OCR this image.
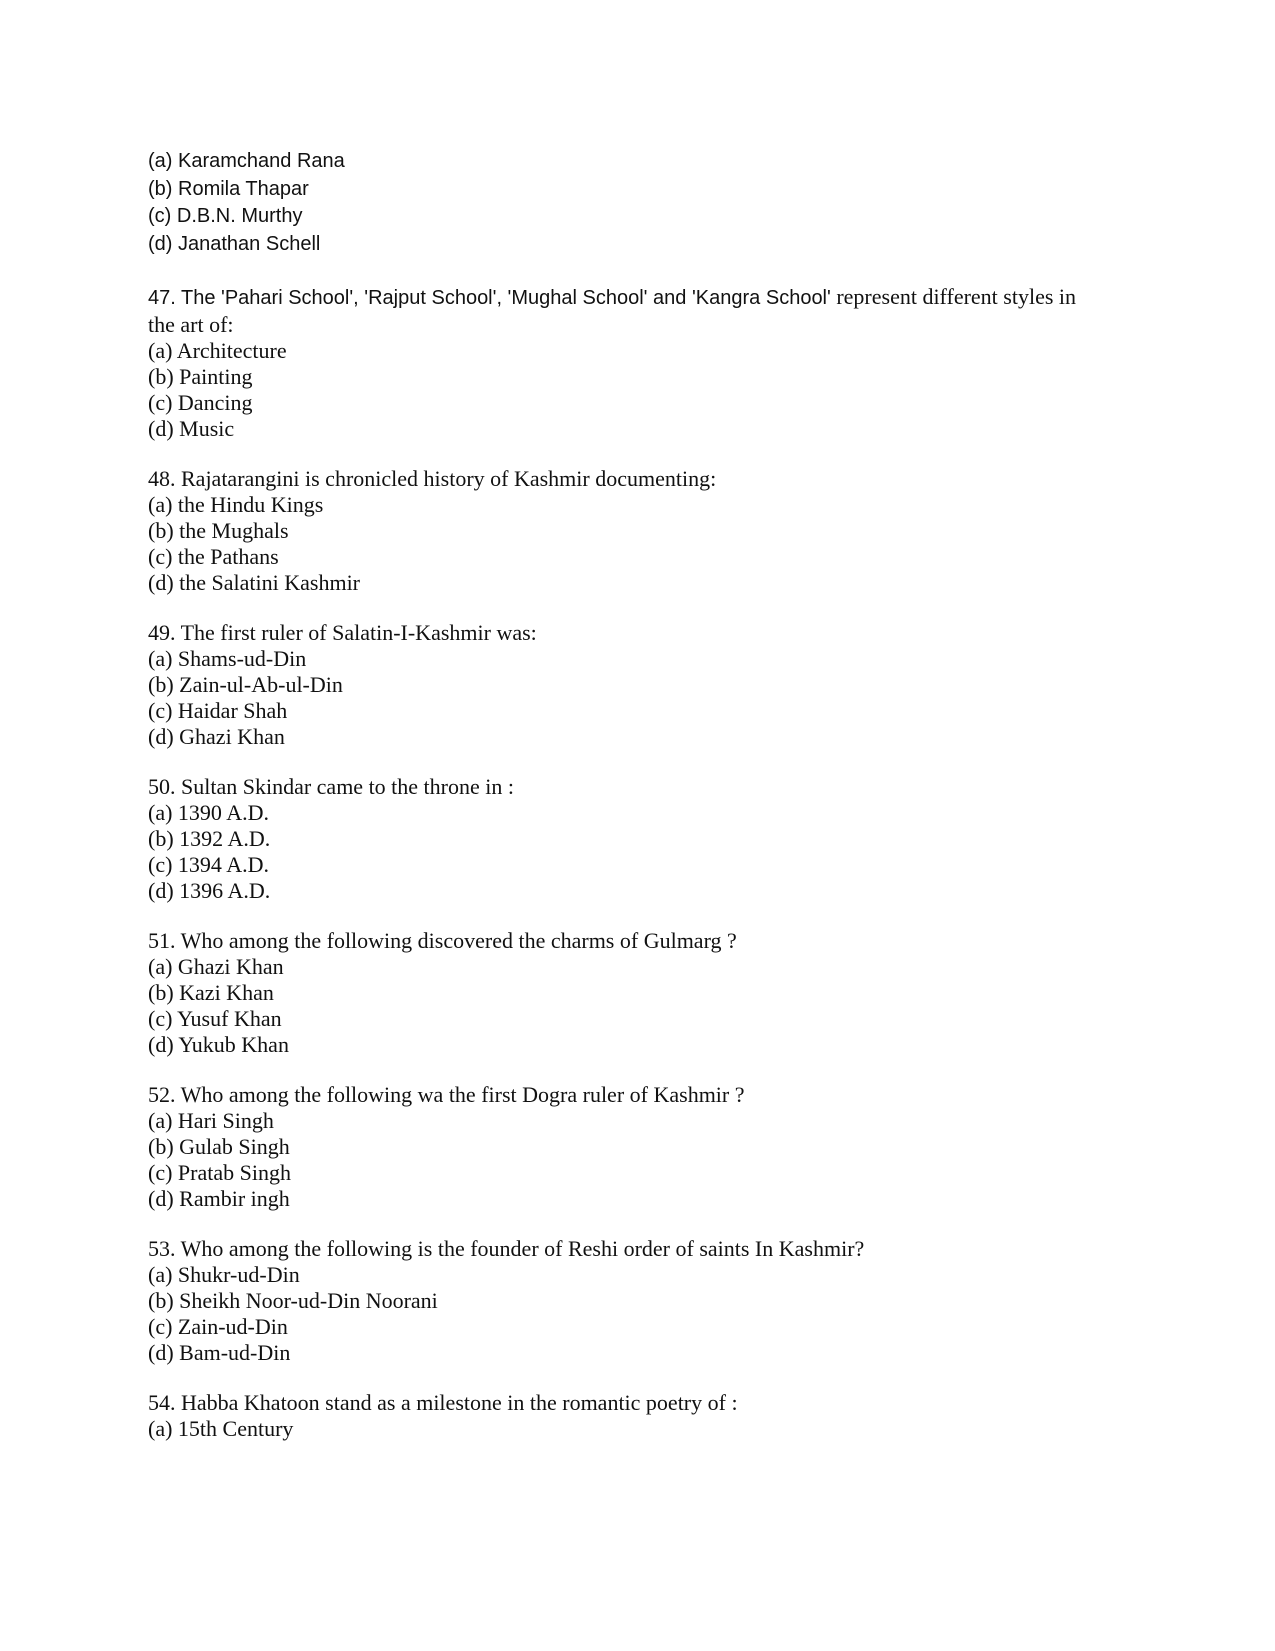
(a) Karamchand Rana
(b) Romila Thapar
(c) D.B.N. Murthy
(d) Janathan Schell
47. The 'Pahari School', 'Rajput School', 'Mughal School' and 'Kangra School' represent different styles in
the art of:
(a) Architecture
(b) Painting
(c) Dancing
(d) Music
48. Rajatarangini is chronicled history of Kashmir documenting:
(a) the Hindu Kings
(b) the Mughals
(c) the Pathans
(d) the Salatini Kashmir
49. The first ruler of Salatin-I-Kashmir was:
(a) Shams-ud-Din
(b) Zain-ul-Ab-ul-Din
(c) Haidar Shah
(d) Ghazi Khan
50. Sultan Skindar came to the throne in :
(a) 1390 A.D.
(b) 1392 A.D.
(c) 1394 A.D.
(d) 1396 A.D.
51. Who among the following discovered the charms of Gulmarg ?
(a) Ghazi Khan
(b) Kazi Khan
(c) Yusuf Khan
(d) Yukub Khan
52. Who among the following wa the first Dogra ruler of Kashmir ?
(a) Hari Singh
(b) Gulab Singh
(c) Pratab Singh
(d) Rambir ingh
53. Who among the following is the founder of Reshi order of saints In Kashmir?
(a) Shukr-ud-Din
(b) Sheikh Noor-ud-Din Noorani
(c) Zain-ud-Din
(d) Bam-ud-Din
54. Habba Khatoon stand as a milestone in the romantic poetry of :
(a) 15th Century
